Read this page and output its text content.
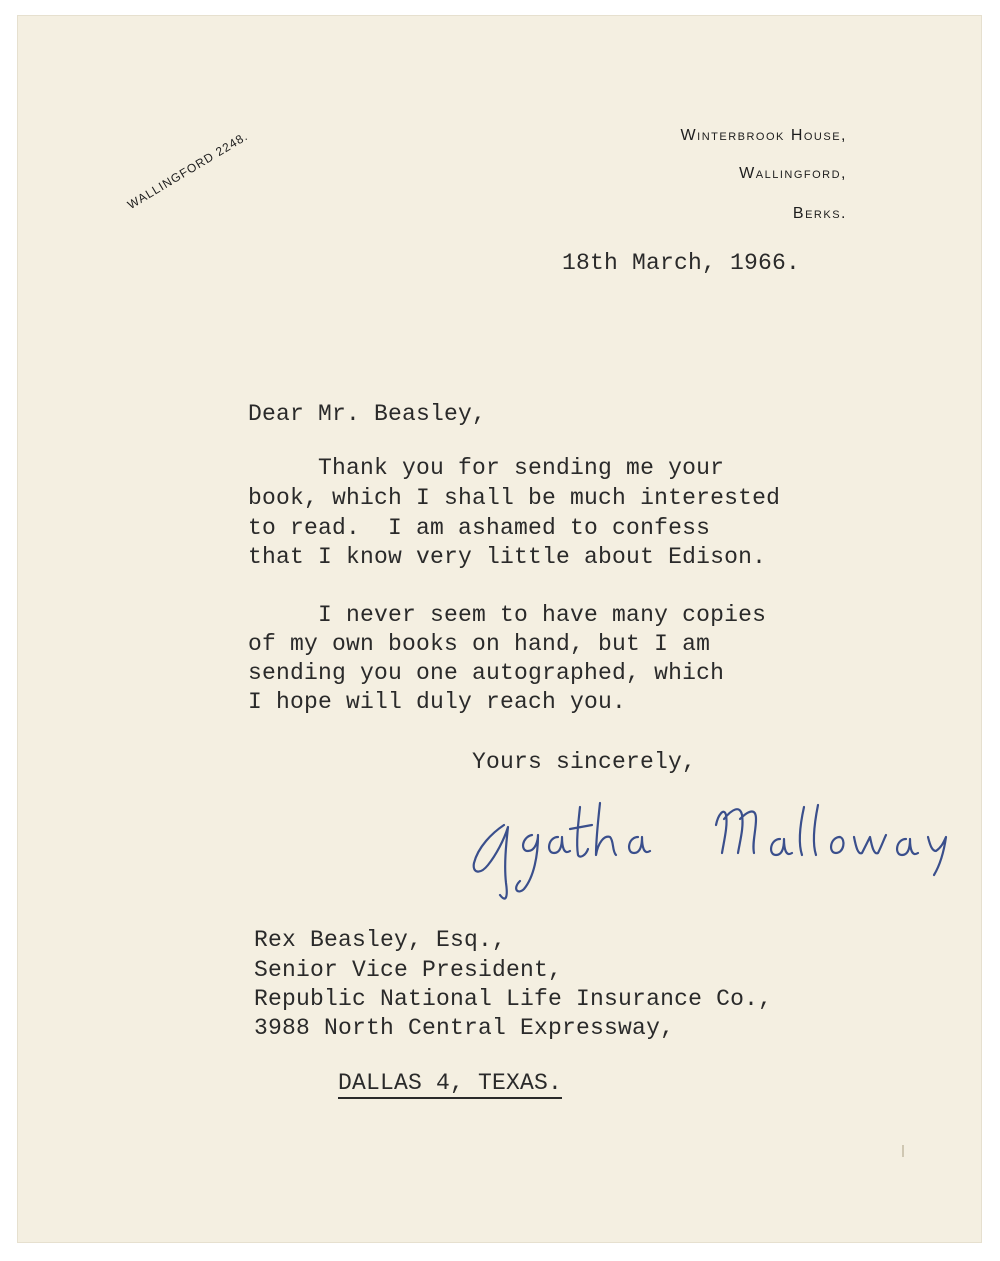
WALLINGFORD 2248.	Winterbrook House,
Wallingford,
Berks.
18th March, 1966.
Dear Mr. Beasley,

Thank you for sending me your

book, which I shall be much interested

to read.  I am ashamed to confess

that I know very little about Edison.

I never seem to have many copies

of my own books on hand, but I am

sending you one autographed, which

I hope will duly reach you.

Yours sincerely,

Rex Beasley, Esq.,

Senior Vice President,

Republic National Life Insurance Co.,

3988 North Central Expressway,

DALLAS 4, TEXAS.
